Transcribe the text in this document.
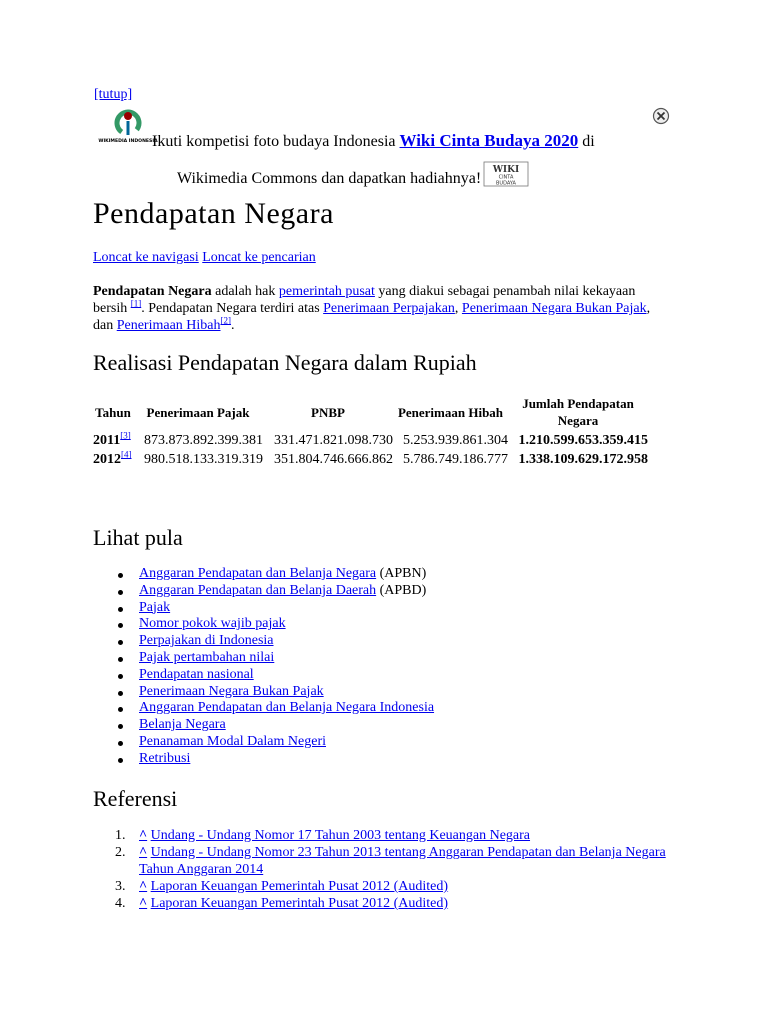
[tutup]
WIKIMEDIA INDONESIA
Ikuti kompetisi foto budaya Indonesia Wiki Cinta Budaya 2020 di
Wikimedia Commons dan dapatkan hadiahnya! WIKI
CINTA
BUDAYA
Pendapatan Negara
Loncat ke navigasi Loncat ke pencarian

Pendapatan Negara adalah hak pemerintah pusat yang diakui sebagai penambah nilai kekayaan bersih [1]. Pendapatan Negara terdiri atas Penerimaan Perpajakan, Penerimaan Negara Bukan Pajak, dan Penerimaan Hibah[2].

Realisasi Pendapatan Negara dalam Rupiah
Tahun	Penerimaan Pajak	PNBP	Penerimaan Hibah	Jumlah Pendapatan Negara
2011[3]	873.873.892.399.381	331.471.821.098.730	5.253.939.861.304	1.210.599.653.359.415
2012[4]	980.518.133.319.319	351.804.746.666.862	5.786.749.186.777	1.338.109.629.172.958
Lihat pula
Anggaran Pendapatan dan Belanja Negara (APBN)
Anggaran Pendapatan dan Belanja Daerah (APBD)
Pajak
Nomor pokok wajib pajak
Perpajakan di Indonesia
Pajak pertambahan nilai
Pendapatan nasional
Penerimaan Negara Bukan Pajak
Anggaran Pendapatan dan Belanja Negara Indonesia
Belanja Negara
Penanaman Modal Dalam Negeri
Retribusi
Referensi
1. ^ Undang - Undang Nomor 17 Tahun 2003 tentang Keuangan Negara
2. ^ Undang - Undang Nomor 23 Tahun 2013 tentang Anggaran Pendapatan dan Belanja Negara Tahun Anggaran 2014
3. ^ Laporan Keuangan Pemerintah Pusat 2012 (Audited)
4. ^ Laporan Keuangan Pemerintah Pusat 2012 (Audited)
